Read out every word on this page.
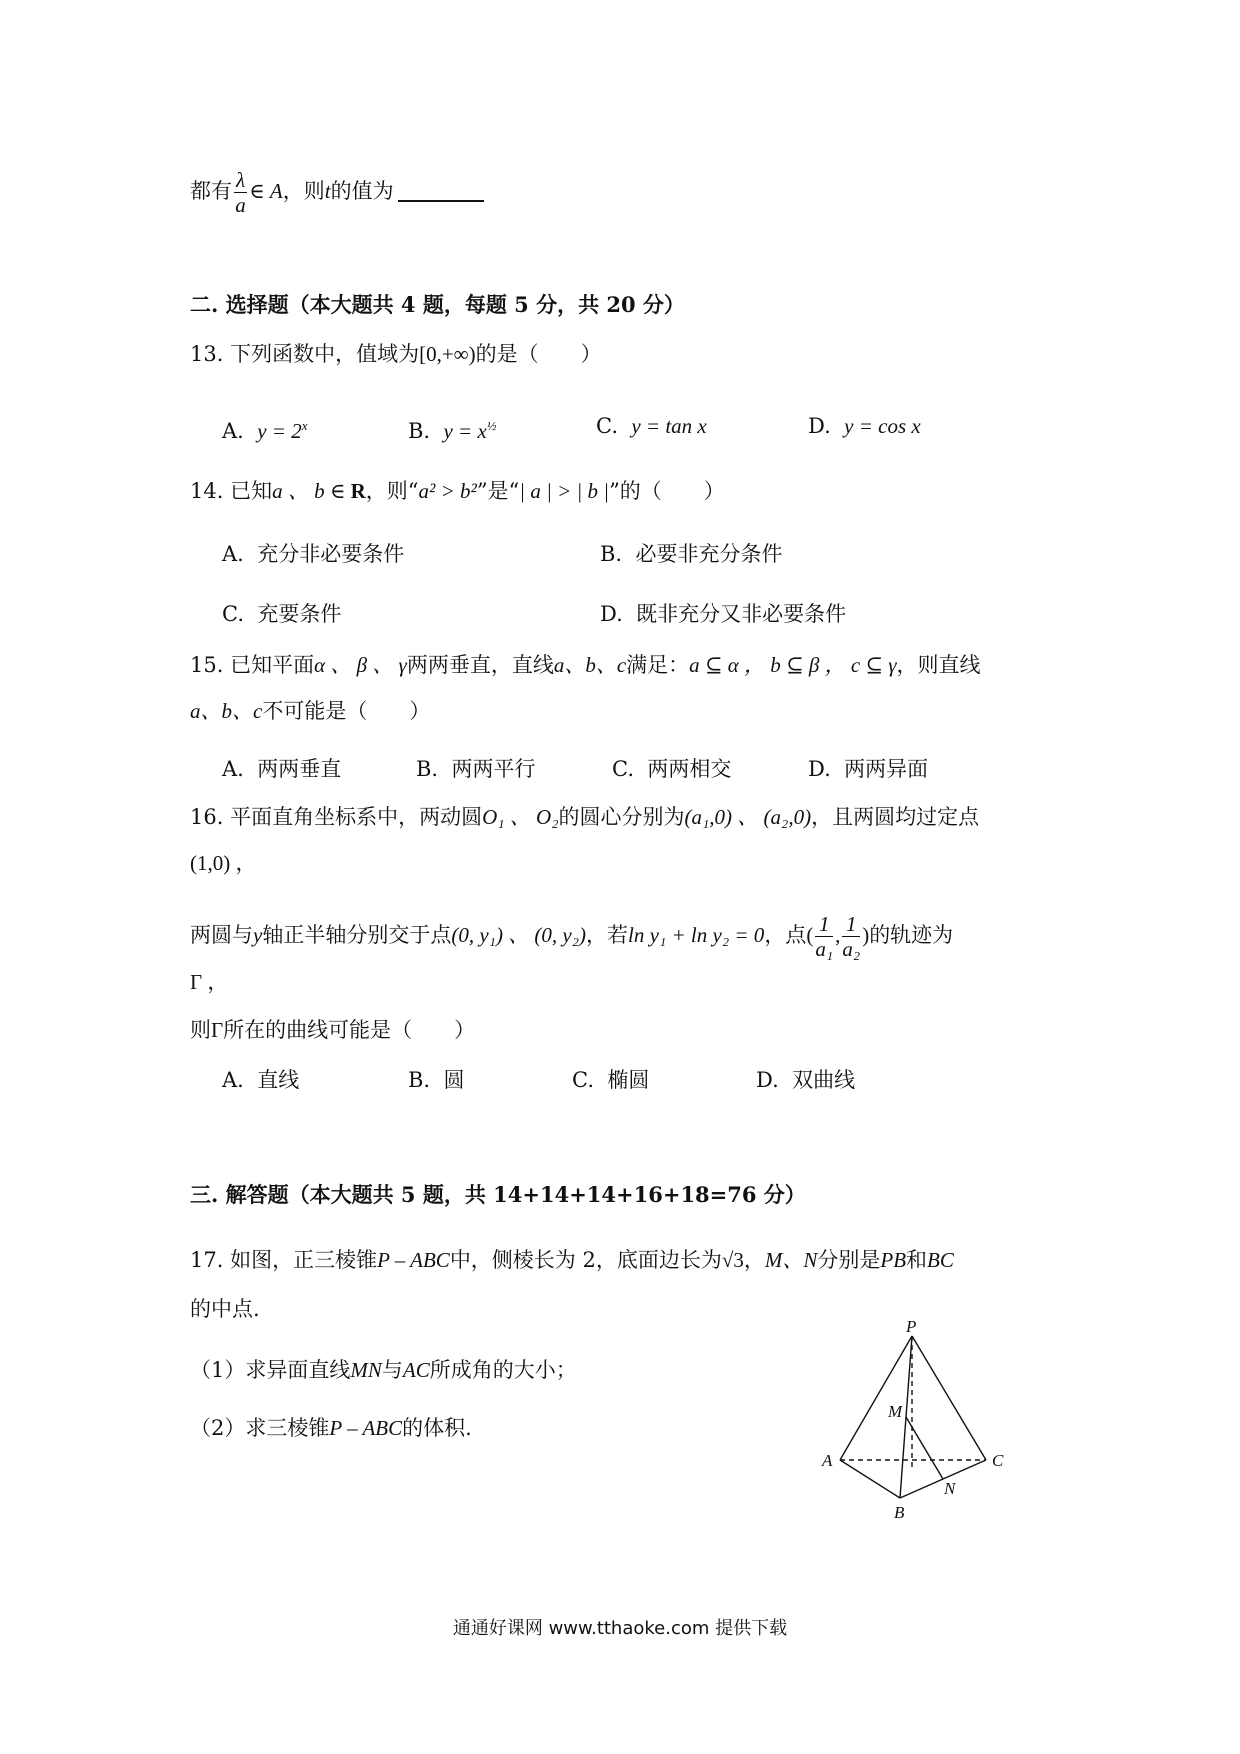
都有 $\frac{\lambda}{a}$ ∈ A，则t的值为
二. 选择题（本大题共 4 题，每题 5 分，共 20 分）
13. 下列函数中，值域为[0,+∞)的是（　　）
A. $y = 2^x$	B. $y = x^{\frac{1}{2}}$	C. y = tan x	D. y = cos x
14. 已知a 、 b ∈ R，则“a² > b²”是“| a | > | b |”的（　　）
A. 充分非必要条件	B. 必要非充分条件
C. 充要条件	D. 既非充分又非必要条件
15. 已知平面α 、 β 、 γ两两垂直，直线a、b、c满足：a ⊆ α ， b ⊆ β ， c ⊆ γ，则直线
a、b、c不可能是（　　）
A. 两两垂直	B. 两两平行	C. 两两相交	D. 两两异面
16. 平面直角坐标系中，两动圆O₁ 、 O₂的圆心分别为(a₁,0) 、 (a₂,0)，且两圆均过定点
(1,0) ，
两圆与y轴正半轴分别交于点(0, y₁) 、 (0, y₂)，若ln y₁ + ln y₂ = 0，点( $\frac{1}{\text{a₁}}$ , $\frac{1}{\text{a₂}}$ )的轨迹为
Γ ，
则Γ所在的曲线可能是（　　）
A. 直线	B. 圆	C. 椭圆	D. 双曲线
三. 解答题（本大题共 5 题，共 14+14+14+16+18=76 分）
17. 如图，正三棱锥P – ABC中，侧棱长为 2，底面边长为√3，M、N分别是PB和BC
的中点.
（1）求异面直线MN与AC所成角的大小；
（2）求三棱锥P – ABC的体积.
P
M
A	C
B
N
通通好课网 www.tthaoke.com 提供下载
